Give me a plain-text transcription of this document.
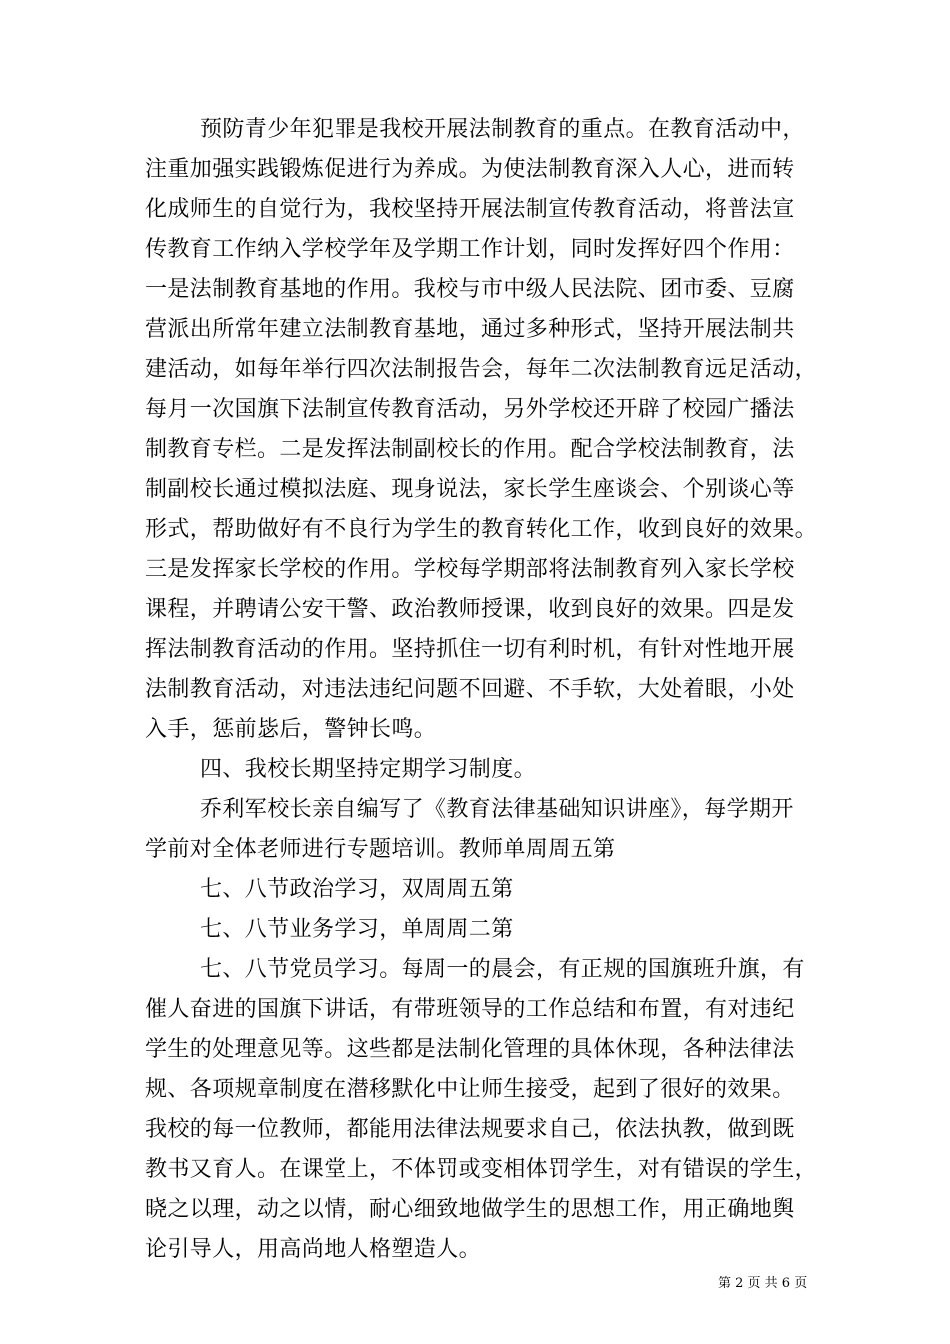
预防青少年犯罪是我校开展法制教育的重点。在教育活动中，

注重加强实践锻炼促进行为养成。为使法制教育深入人心，进而转

化成师生的自觉行为，我校坚持开展法制宣传教育活动，将普法宣

传教育工作纳入学校学年及学期工作计划，同时发挥好四个作用：

一是法制教育基地的作用。我校与市中级人民法院、团市委、豆腐

营派出所常年建立法制教育基地，通过多种形式，坚持开展法制共

建活动，如每年举行四次法制报告会，每年二次法制教育远足活动，

每月一次国旗下法制宣传教育活动，另外学校还开辟了校园广播法

制教育专栏。二是发挥法制副校长的作用。配合学校法制教育，法

制副校长通过模拟法庭、现身说法，家长学生座谈会、个别谈心等

形式，帮助做好有不良行为学生的教育转化工作，收到良好的效果。

三是发挥家长学校的作用。学校每学期部将法制教育列入家长学校

课程，并聘请公安干警、政治教师授课，收到良好的效果。四是发

挥法制教育活动的作用。坚持抓住一切有利时机，有针对性地开展

法制教育活动，对违法违纪问题不回避、不手软，大处着眼，小处

入手，惩前毖后，警钟长鸣。

四、我校长期坚持定期学习制度。

乔利军校长亲自编写了《教育法律基础知识讲座》，每学期开

学前对全体老师进行专题培训。教师单周周五第

七、八节政治学习，双周周五第

七、八节业务学习，单周周二第

七、八节党员学习。每周一的晨会，有正规的国旗班升旗，有

催人奋进的国旗下讲话，有带班领导的工作总结和布置，有对违纪

学生的处理意见等。这些都是法制化管理的具体休现，各种法律法

规、各项规章制度在潜移默化中让师生接受，起到了很好的效果。

我校的每一位教师，都能用法律法规要求自己，依法执教，做到既

教书又育人。在课堂上，不体罚或变相体罚学生，对有错误的学生，

晓之以理，动之以情，耐心细致地做学生的思想工作，用正确地舆

论引导人，用高尚地人格塑造人。

第 2 页 共 6 页
